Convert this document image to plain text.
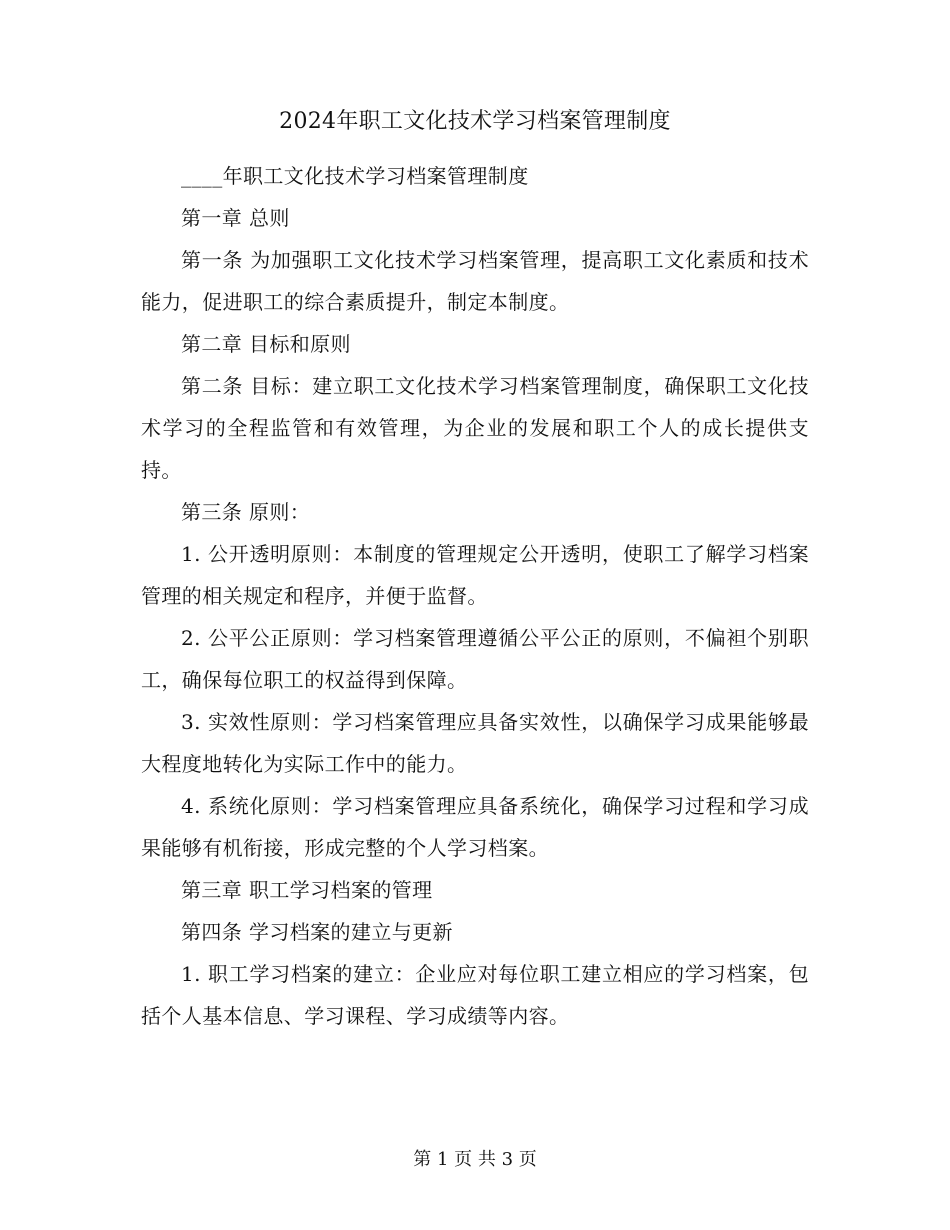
2024年职工文化技术学习档案管理制度

____年职工文化技术学习档案管理制度

第一章 总则

第一条 为加强职工文化技术学习档案管理，提高职工文化素质和技术能力，促进职工的综合素质提升，制定本制度。

第二章 目标和原则

第二条 目标：建立职工文化技术学习档案管理制度，确保职工文化技术学习的全程监管和有效管理，为企业的发展和职工个人的成长提供支持。

第三条 原则：

1. 公开透明原则：本制度的管理规定公开透明，使职工了解学习档案管理的相关规定和程序，并便于监督。

2. 公平公正原则：学习档案管理遵循公平公正的原则，不偏袒个别职工，确保每位职工的权益得到保障。

3. 实效性原则：学习档案管理应具备实效性，以确保学习成果能够最大程度地转化为实际工作中的能力。

4. 系统化原则：学习档案管理应具备系统化，确保学习过程和学习成果能够有机衔接，形成完整的个人学习档案。

第三章 职工学习档案的管理

第四条 学习档案的建立与更新

1. 职工学习档案的建立：企业应对每位职工建立相应的学习档案，包括个人基本信息、学习课程、学习成绩等内容。

第 1 页 共 3 页
